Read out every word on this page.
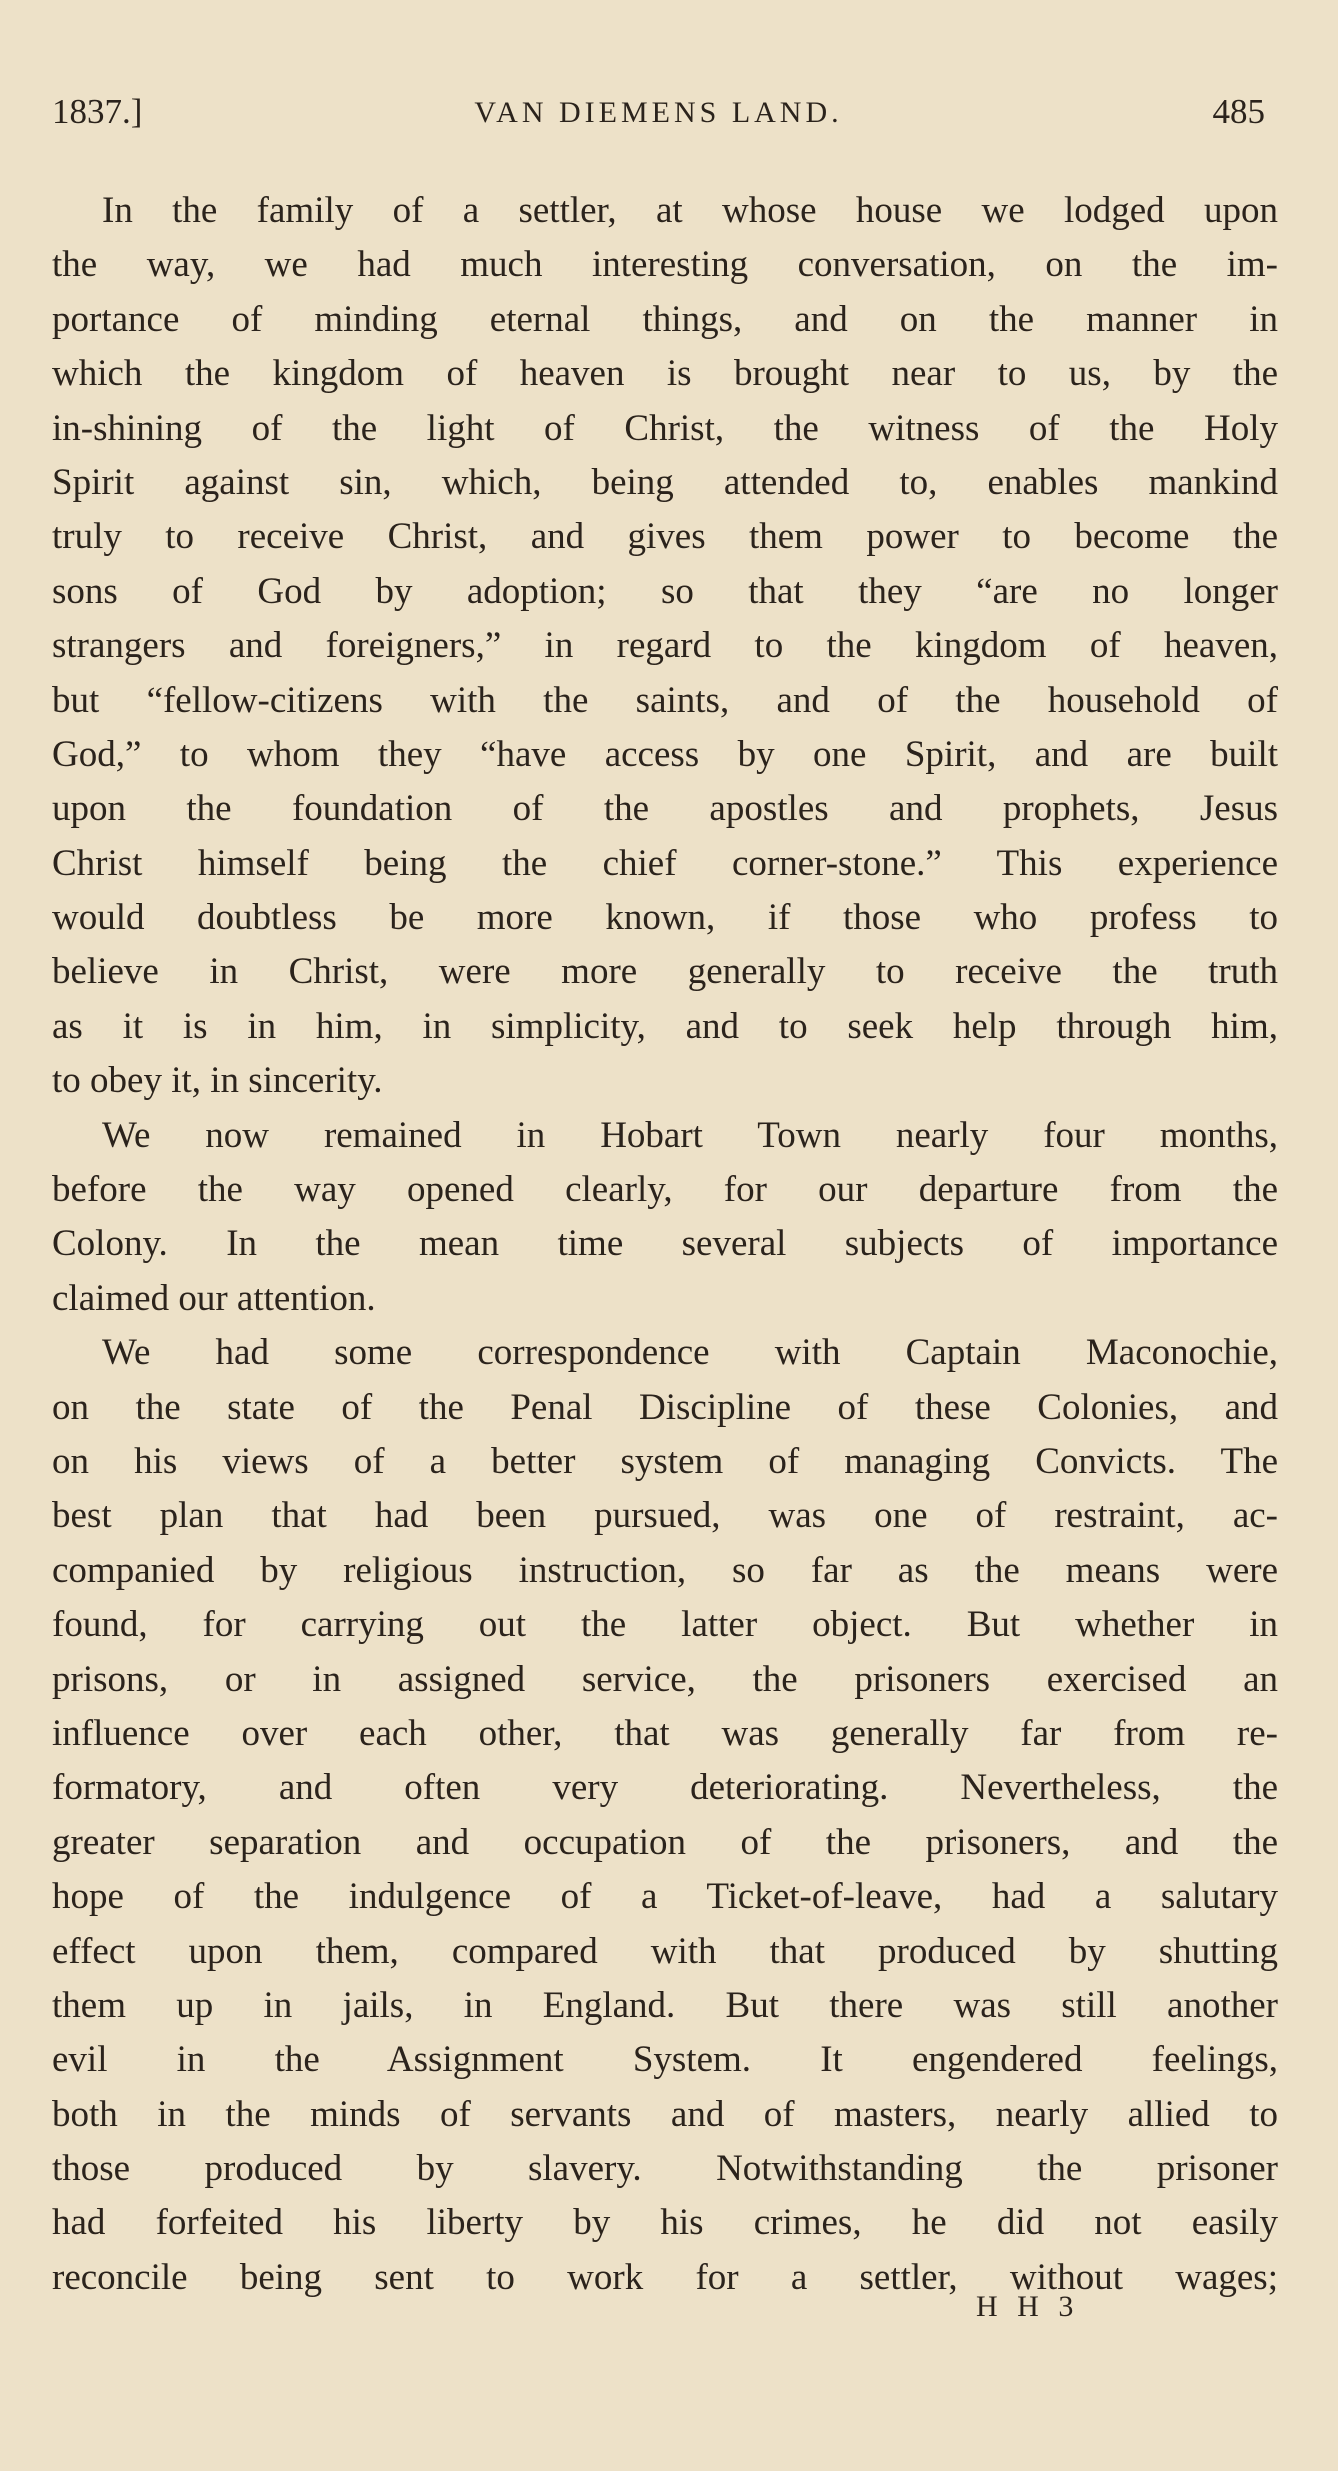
1837.]	VAN DIEMENS LAND.	485
In the family of a settler, at whose house we lodged upon
the way, we had much interesting conversation, on the im-
portance of minding eternal things, and on the manner in
which the kingdom of heaven is brought near to us, by the
in-shining of the light of Christ, the witness of the Holy
Spirit against sin, which, being attended to, enables mankind
truly to receive Christ, and gives them power to become the
sons of God by adoption; so that they “are no longer
strangers and foreigners,” in regard to the kingdom of heaven,
but “fellow-citizens with the saints, and of the household of
God,” to whom they “have access by one Spirit, and are built
upon the foundation of the apostles and prophets, Jesus
Christ himself being the chief corner-stone.” This experience
would doubtless be more known, if those who profess to
believe in Christ, were more generally to receive the truth
as it is in him, in simplicity, and to seek help through him,
to obey it, in sincerity.
We now remained in Hobart Town nearly four months,
before the way opened clearly, for our departure from the
Colony. In the mean time several subjects of importance
claimed our attention.
We had some correspondence with Captain Maconochie,
on the state of the Penal Discipline of these Colonies, and
on his views of a better system of managing Convicts. The
best plan that had been pursued, was one of restraint, ac-
companied by religious instruction, so far as the means were
found, for carrying out the latter object. But whether in
prisons, or in assigned service, the prisoners exercised an
influence over each other, that was generally far from re-
formatory, and often very deteriorating. Nevertheless, the
greater separation and occupation of the prisoners, and the
hope of the indulgence of a Ticket-of-leave, had a salutary
effect upon them, compared with that produced by shutting
them up in jails, in England. But there was still another
evil in the Assignment System. It engendered feelings,
both in the minds of servants and of masters, nearly allied to
those produced by slavery. Notwithstanding the prisoner
had forfeited his liberty by his crimes, he did not easily
reconcile being sent to work for a settler, without wages;
H H 3
